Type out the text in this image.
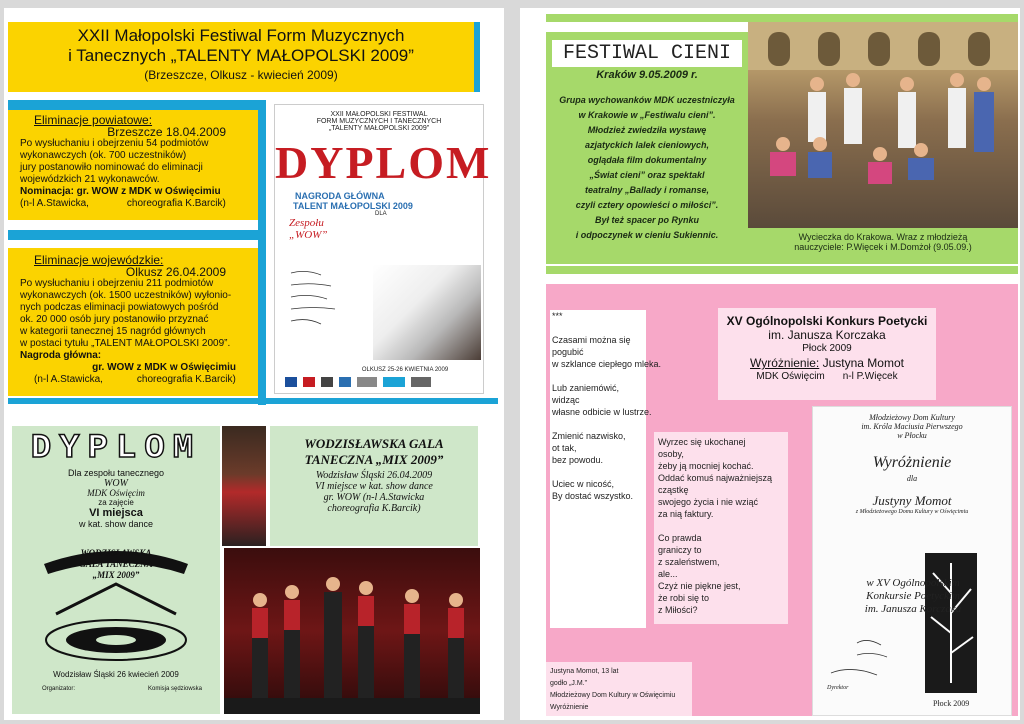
XXII Małopolski Festiwal Form Muzycznych
i Tanecznych „TALENTY MAŁOPOLSKI 2009”
(Brzeszcze, Olkusz - kwiecień 2009)
Eliminacje powiatowe:
Brzeszcze 18.04.2009
Po wysłuchaniu i obejrzeniu 54 podmiotów
wykonawczych (ok. 700 uczestników)
jury postanowiło nominować do eliminacji
wojewódzkich 21 wykonawców.
Nominacja: gr. WOW z MDK w Oświęcimiu
(n-l A.Stawicka,	choreografia K.Barcik)
Eliminacje wojewódzkie:
Olkusz 26.04.2009
Po wysłuchaniu i obejrzeniu 211 podmiotów
wykonawczych (ok. 1500 uczestników) wyłonio-
nych podczas eliminacji powiatowych pośród
ok. 20 000 osób jury postanowiło przyznać
w kategorii tanecznej 15 nagród głównych
w postaci tytułu „TALENT MAŁOPOLSKI 2009”.
Nagroda główna:
gr. WOW z MDK w Oświęcimiu
(n-l A.Stawicka,	choreografia K.Barcik)
XXII MAŁOPOLSKI FESTIWAL
FORM MUZYCZNYCH I TANECZNYCH
„TALENTY MAŁOPOLSKI 2009”
DYPLOM
NAGRODA GŁÓWNA
TALENT MAŁOPOLSKI 2009
DLA
Zespołu „WOW”
OLKUSZ 25-26 KWIETNIA 2009
DYPLOM
Dla zespołu tanecznego
WOW
MDK Oświęcim
za zajęcie
VI miejsca
w kat. show dance
WODZISŁAWSKA
GALA TANECZNA
„MIX 2009”
Wodzisław Śląski 26 kwiecień 2009
Organizator:	Komisja sędziowska
WODZISŁAWSKA GALA
TANECZNA „MIX 2009”
Wodzisław Śląski 26.04.2009
VI miejsce w kat. show dance
gr. WOW (n-l A.Stawicka
choreografia K.Barcik)
FESTIWAL CIENI
Kraków 9.05.2009 r.
Grupa wychowanków MDK uczestniczyła
w Krakowie w „Festiwalu cieni”.
Młodzież zwiedziła wystawę
azjatyckich lalek cieniowych,
oglądała film dokumentalny
„Świat cieni” oraz spektakl
teatralny „Ballady i romanse,
czyli cztery opowieści o miłości”.
Był też spacer po Rynku
i odpoczynek w cieniu Sukiennic.	Wycieczka do Krakowa. Wraz z młodzieżą
nauczyciele: P.Więcek i M.Domżoł (9.05.09.)
***
Czasami można się
pogubić
w szklance ciepłego mleka.
Lub zaniemówić,
widząc
własne odbicie w lustrze.
Zmienić nazwisko,
ot tak,
bez powodu.
Uciec w nicość,
By dostać wszystko.
XV Ogólnopolski Konkurs Poetycki
im. Janusza Korczaka
Płock 2009
Wyróżnienie: Justyna Momot
MDK Oświęcim n-l P.Więcek
Wyrzec się ukochanej
osoby,
żeby ją mocniej kochać.
Oddać komuś najważniejszą
cząstkę
swojego życia i nie wziąć
za nią faktury.
Co prawda
graniczy to
z szaleństwem,
ale...
Czyż nie piękne jest,
że robi się to
z Miłości?
Justyna Momot, 13 lat
godło „J.M.”
Młodzieżowy Dom Kultury w Oświęcimiu
Wyróżnienie
Młodzieżowy Dom Kultury
im. Króla Maciusia Pierwszego
w Płocku
Wyróżnienie
dla
Justyny Momot
z Młodzieżowego Domu Kultury w Oświęcimiu
w XV Ogólnopolskim
Konkursie Poetyckim
im. Janusza Korczaka
Dyrektor
Płock 2009
